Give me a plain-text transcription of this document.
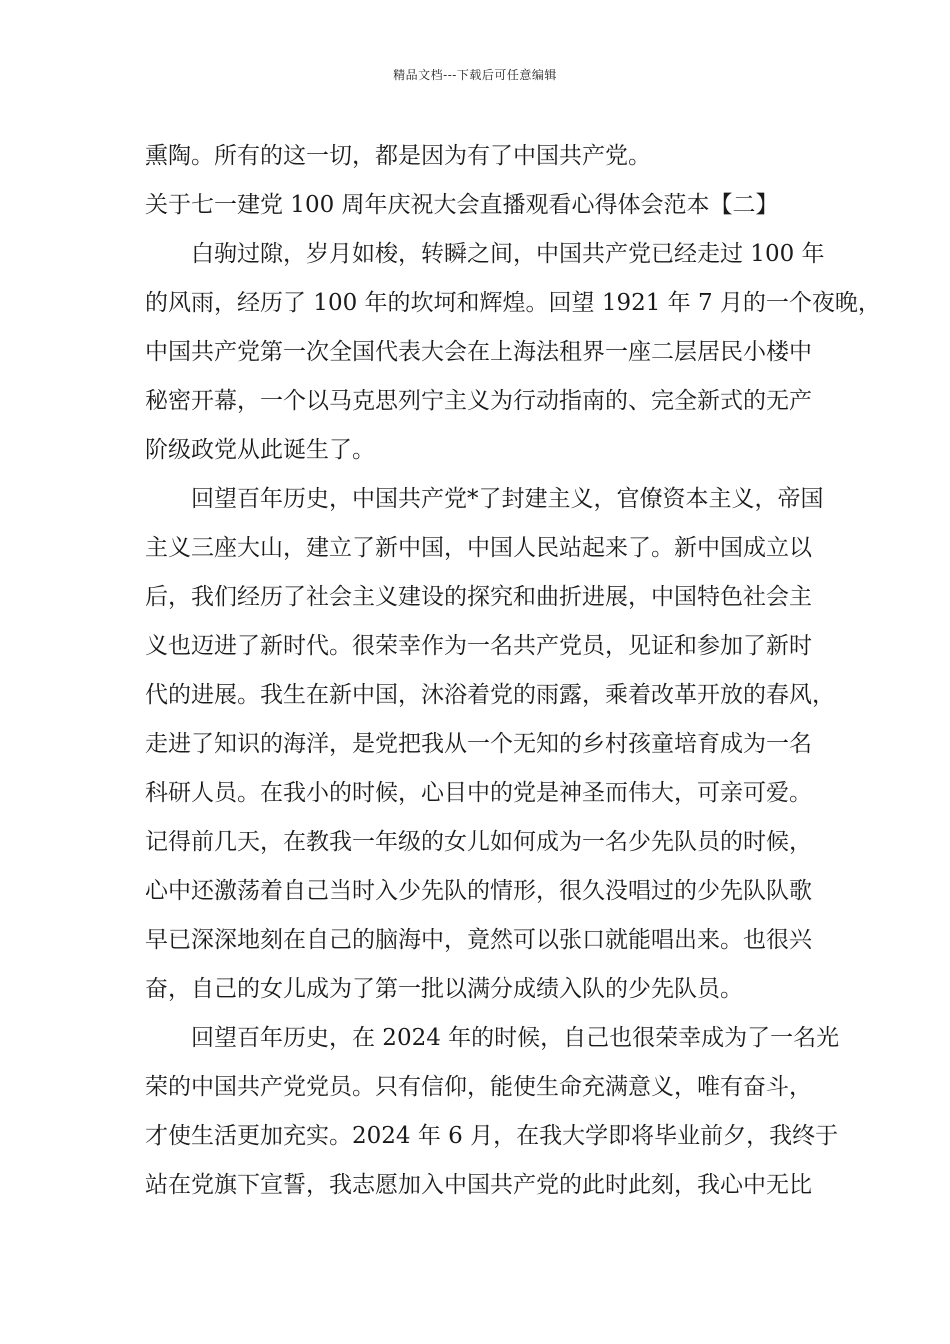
精品文档---下载后可任意编辑
熏陶。所有的这一切，都是因为有了中国共产党。
关于七一建党 100 周年庆祝大会直播观看心得体会范本【二】
白驹过隙，岁月如梭，转瞬之间，中国共产党已经走过 100 年
的风雨，经历了 100 年的坎坷和辉煌。回望 1921 年 7 月的一个夜晚，
中国共产党第一次全国代表大会在上海法租界一座二层居民小楼中
秘密开幕，一个以马克思列宁主义为行动指南的、完全新式的无产
阶级政党从此诞生了。
回望百年历史，中国共产党*了封建主义，官僚资本主义，帝国
主义三座大山，建立了新中国，中国人民站起来了。新中国成立以
后，我们经历了社会主义建设的探究和曲折进展，中国特色社会主
义也迈进了新时代。很荣幸作为一名共产党员，见证和参加了新时
代的进展。我生在新中国，沐浴着党的雨露，乘着改革开放的春风，
走进了知识的海洋，是党把我从一个无知的乡村孩童培育成为一名
科研人员。在我小的时候，心目中的党是神圣而伟大，可亲可爱。
记得前几天，在教我一年级的女儿如何成为一名少先队员的时候，
心中还激荡着自己当时入少先队的情形，很久没唱过的少先队队歌
早已深深地刻在自己的脑海中，竟然可以张口就能唱出来。也很兴
奋，自己的女儿成为了第一批以满分成绩入队的少先队员。
回望百年历史，在 2024 年的时候，自己也很荣幸成为了一名光
荣的中国共产党党员。只有信仰，能使生命充满意义，唯有奋斗，
才使生活更加充实。2024 年 6 月，在我大学即将毕业前夕，我终于
站在党旗下宣誓，我志愿加入中国共产党的此时此刻，我心中无比
